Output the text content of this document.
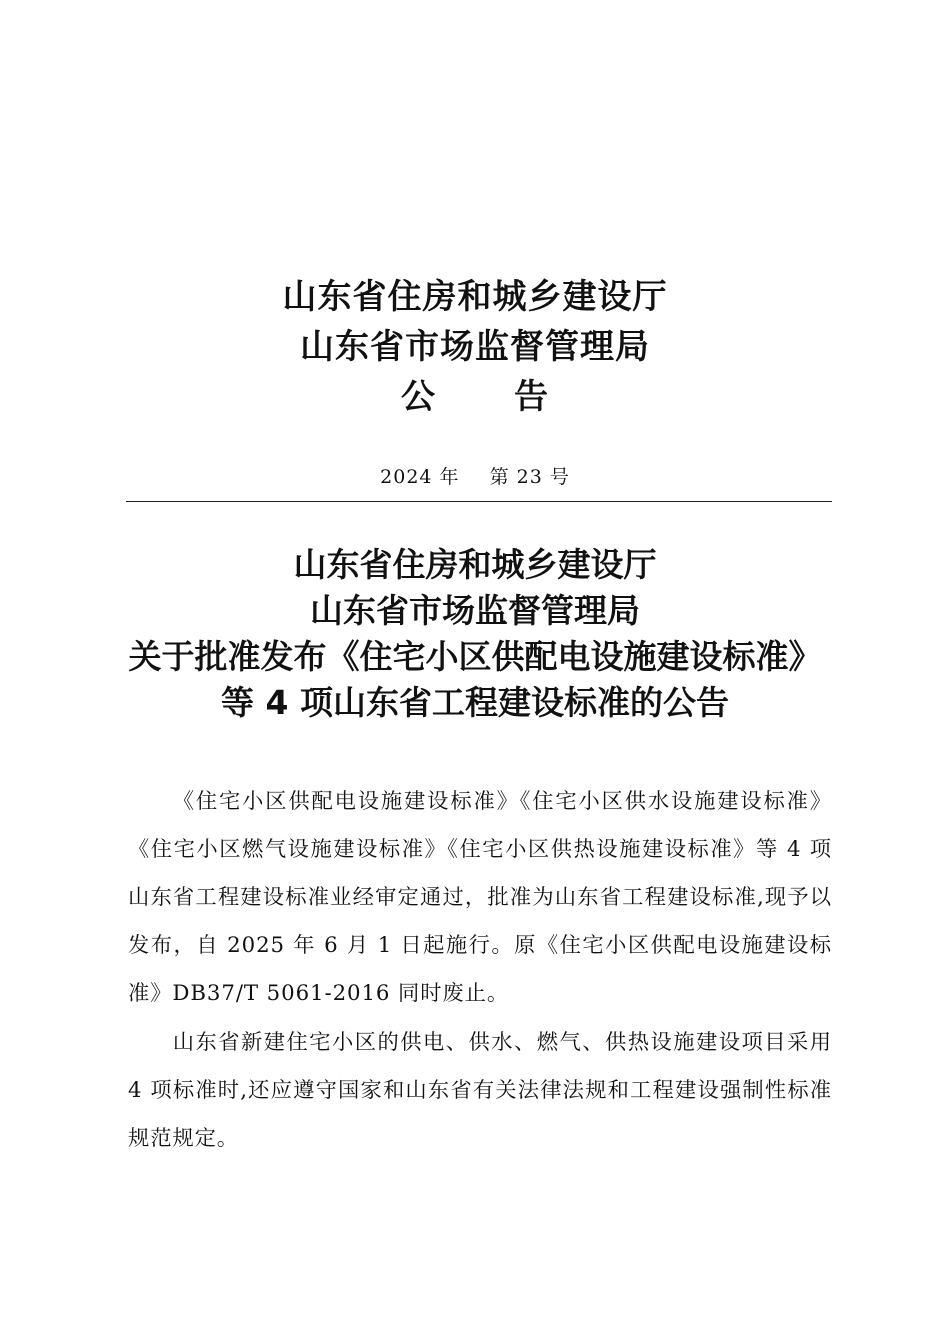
山东省住房和城乡建设厅
山东省市场监督管理局
公 告
2024 年 第 23 号
山东省住房和城乡建设厅
山东省市场监督管理局
关于批准发布《住宅小区供配电设施建设标准》
等 4 项山东省工程建设标准的公告

《住宅小区供配电设施建设标准》《住宅小区供水设施建设标准》《住宅小区燃气设施建设标准》《住宅小区供热设施建设标准》等 4 项山东省工程建设标准业经审定通过，批准为山东省工程建设标准,现予以发布，自 2025 年 6 月 1 日起施行。原《住宅小区供配电设施建设标准》DB37/T 5061-2016 同时废止。

山东省新建住宅小区的供电、供水、燃气、供热设施建设项目采用 4 项标准时,还应遵守国家和山东省有关法律法规和工程建设强制性标准规范规定。
